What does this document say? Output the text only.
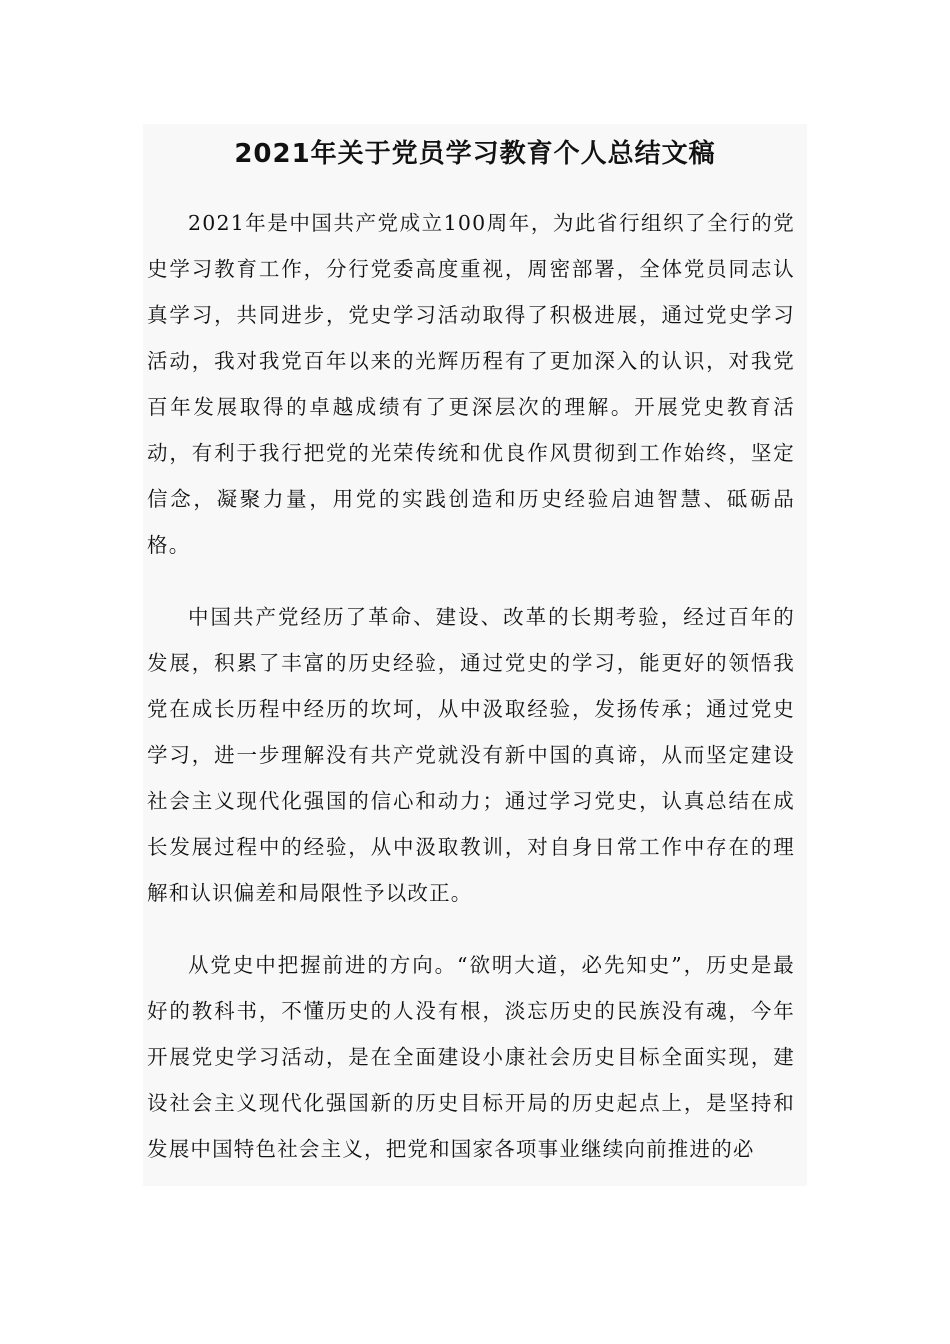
2021年关于党员学习教育个人总结文稿

2021年是中国共产党成立100周年，为此省行组织了全行的党史学习教育工作，分行党委高度重视，周密部署，全体党员同志认真学习，共同进步，党史学习活动取得了积极进展，通过党史学习活动，我对我党百年以来的光辉历程有了更加深入的认识，对我党百年发展取得的卓越成绩有了更深层次的理解。开展党史教育活动，有利于我行把党的光荣传统和优良作风贯彻到工作始终，坚定信念，凝聚力量，用党的实践创造和历史经验启迪智慧、砥砺品格。

中国共产党经历了革命、建设、改革的长期考验，经过百年的发展，积累了丰富的历史经验，通过党史的学习，能更好的领悟我党在成长历程中经历的坎坷，从中汲取经验，发扬传承；通过党史学习，进一步理解没有共产党就没有新中国的真谛，从而坚定建设社会主义现代化强国的信心和动力；通过学习党史，认真总结在成长发展过程中的经验，从中汲取教训，对自身日常工作中存在的理解和认识偏差和局限性予以改正。

从党史中把握前进的方向。“欲明大道，必先知史”，历史是最好的教科书，不懂历史的人没有根，淡忘历史的民族没有魂，今年开展党史学习活动，是在全面建设小康社会历史目标全面实现，建设社会主义现代化强国新的历史目标开局的历史起点上，是坚持和发展中国特色社会主义，把党和国家各项事业继续向前推进的必
